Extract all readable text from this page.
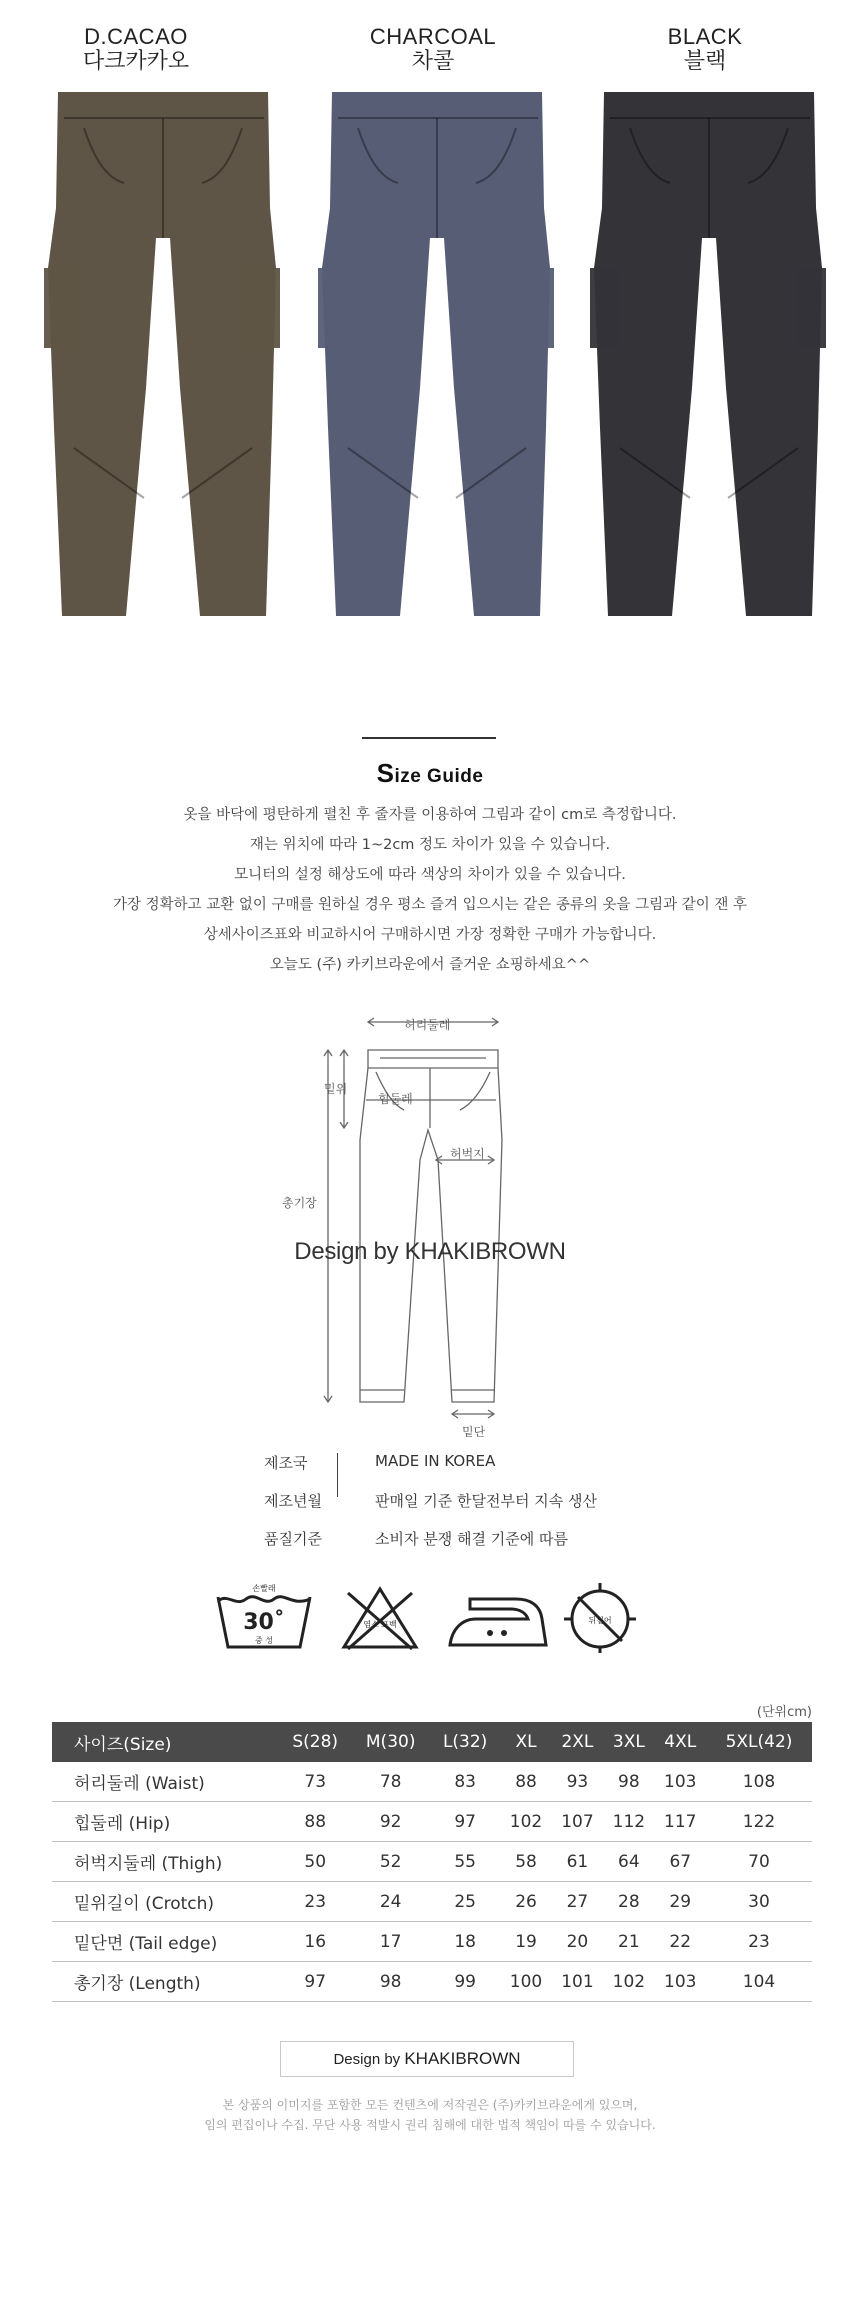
D.CACAO
다크카카오
CHARCOAL
차콜
BLACK
블랙
Size Guide
옷을 바닥에 평탄하게 펼친 후 줄자를 이용하여 그림과 같이 cm로 측정합니다.
재는 위치에 따라 1~2cm 정도 차이가 있을 수 있습니다.
모니터의 설정 해상도에 따라 색상의 차이가 있을 수 있습니다.
가장 정확하고 교환 없이 구매를 원하실 경우 평소 즐겨 입으시는 같은 종류의 옷을 그림과 같이 잰 후
상세사이즈표와 비교하시어 구매하시면 가장 정확한 구매가 가능합니다.
오늘도 (주) 카키브라운에서 즐거운 쇼핑하세요^^
허리둘레
밑위
힙둘레
허벅지
총기장
밑단
Design by KHAKIBROWN
제조국	MADE IN KOREA
제조년월	판매일 기준 한달전부터 지속 생산
품질기준	소비자 분쟁 해결 기준에 따름
손빨래
30˚
중 성
염소 표백	뒤집어
(단위cm)
사이즈(Size)	S(28)	M(30)	L(32)	XL	2XL	3XL	4XL	5XL(42)
허리둘레 (Waist)	73	78	83	88	93	98	103	108
힙둘레 (Hip)	88	92	97	102	107	112	117	122
허벅지둘레 (Thigh)	50	52	55	58	61	64	67	70
밑위길이 (Crotch)	23	24	25	26	27	28	29	30
밑단면 (Tail edge)	16	17	18	19	20	21	22	23
총기장 (Length)	97	98	99	100	101	102	103	104
Design by KHAKIBROWN
본 상품의 이미지를 포함한 모든 컨텐츠에 저작권은 (주)카키브라운에게 있으며,
임의 편집이나 수집. 무단 사용 적발시 권리 침해에 대한 법적 책임이 따를 수 있습니다.
